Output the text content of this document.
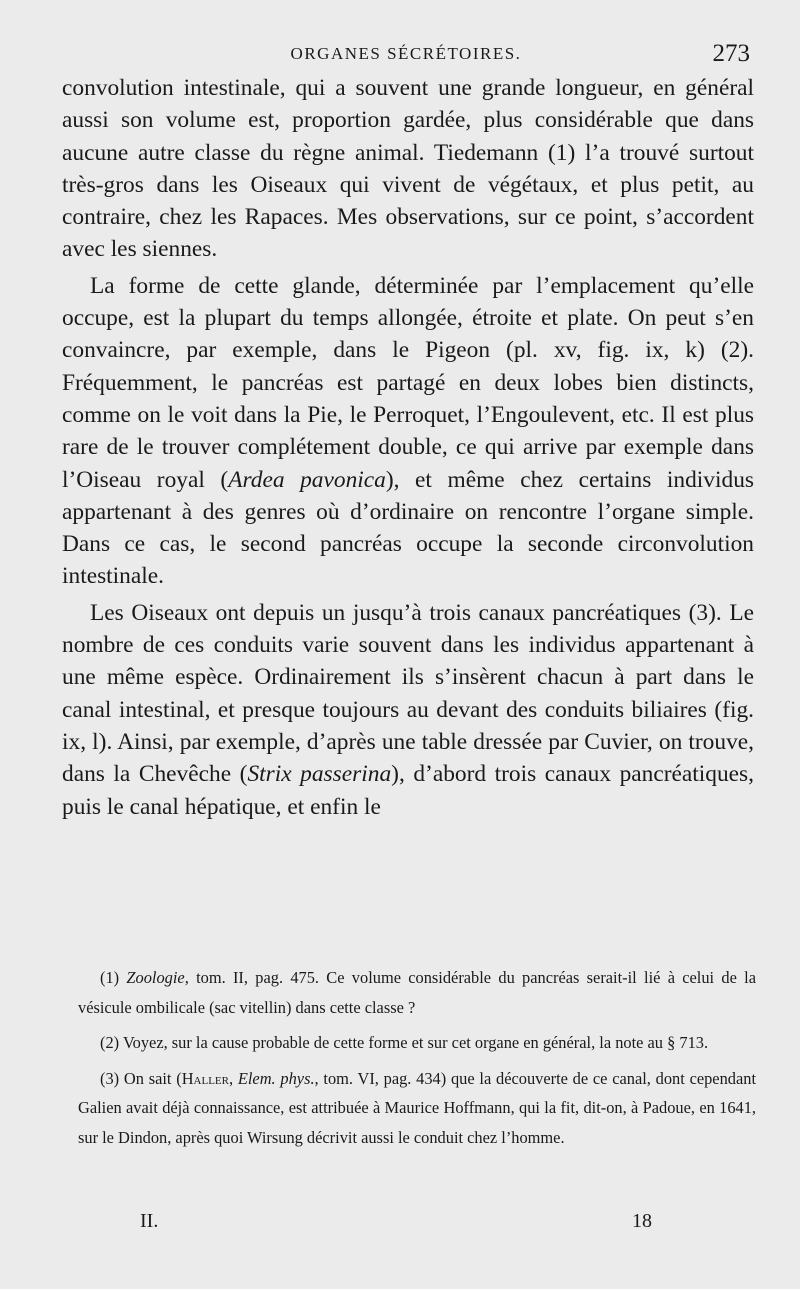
ORGANES SÉCRÉTOIRES.	273

convolution intestinale, qui a souvent une grande longueur, en général aussi son volume est, proportion gardée, plus considérable que dans aucune autre classe du règne animal. Tiedemann (1) l’a trouvé surtout très-gros dans les Oiseaux qui vivent de végétaux, et plus petit, au contraire, chez les Rapaces. Mes observations, sur ce point, s’accordent avec les siennes.

La forme de cette glande, déterminée par l’emplacement qu’elle occupe, est la plupart du temps allongée, étroite et plate. On peut s’en convaincre, par exemple, dans le Pigeon (pl. xv, fig. ix, k) (2). Fréquemment, le pancréas est partagé en deux lobes bien distincts, comme on le voit dans la Pie, le Perroquet, l’Engoulevent, etc. Il est plus rare de le trouver complétement double, ce qui arrive par exemple dans l’Oiseau royal (Ardea pavonica), et même chez certains individus appartenant à des genres où d’ordinaire on rencontre l’organe simple. Dans ce cas, le second pancréas occupe la seconde circonvolution intestinale.

Les Oiseaux ont depuis un jusqu’à trois canaux pancréatiques (3). Le nombre de ces conduits varie souvent dans les individus appartenant à une même espèce. Ordinairement ils s’insèrent chacun à part dans le canal intestinal, et presque toujours au devant des conduits biliaires (fig. ix, l). Ainsi, par exemple, d’après une table dressée par Cuvier, on trouve, dans la Chevêche (Strix passerina), d’abord trois canaux pancréatiques, puis le canal hépatique, et enfin le

(1) Zoologie, tom. II, pag. 475. Ce volume considérable du pancréas serait-il lié à celui de la vésicule ombilicale (sac vitellin) dans cette classe ?

(2) Voyez, sur la cause probable de cette forme et sur cet organe en général, la note au § 713.

(3) On sait (Haller, Elem. phys., tom. VI, pag. 434) que la découverte de ce canal, dont cependant Galien avait déjà connaissance, est attribuée à Maurice Hoffmann, qui la fit, dit-on, à Padoue, en 1641, sur le Dindon, après quoi Wirsung décrivit aussi le conduit chez l’homme.

II.	18
